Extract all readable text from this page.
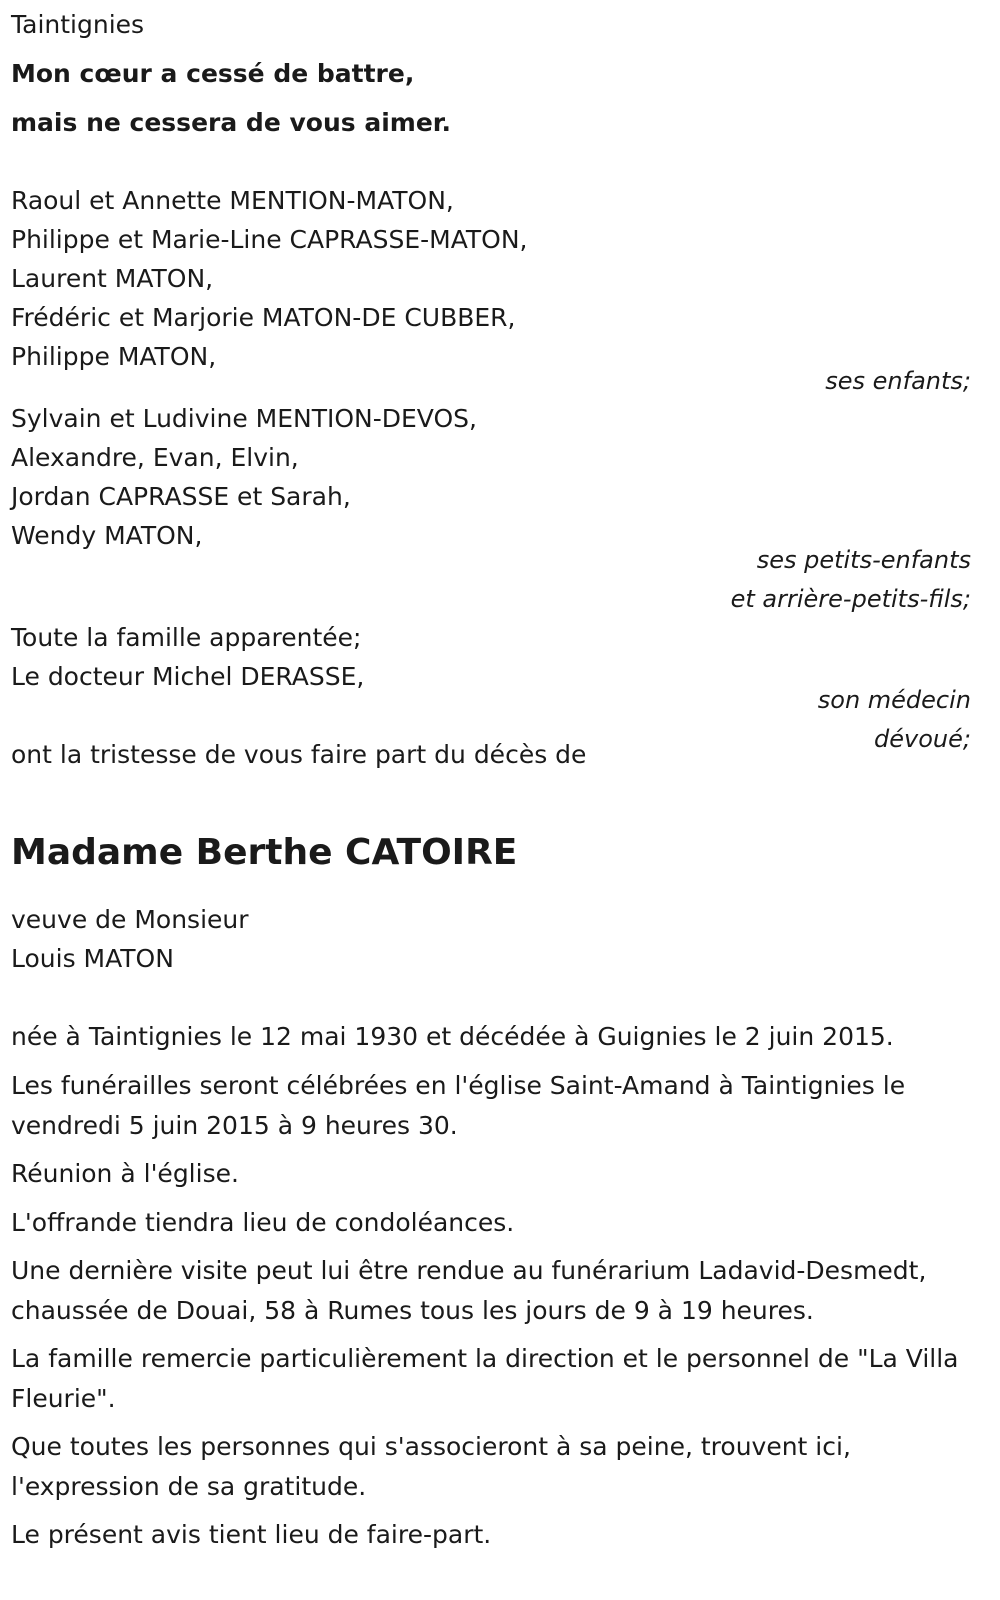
Taintignies
Mon cœur a cessé de battre,
mais ne cessera de vous aimer.
Raoul et Annette MENTION-MATON,
Philippe et Marie-Line CAPRASSE-MATON,
Laurent MATON,
Frédéric et Marjorie MATON-DE CUBBER,
Philippe MATON,
ses enfants;
Sylvain et Ludivine MENTION-DEVOS,
Alexandre, Evan, Elvin,
Jordan CAPRASSE et Sarah,
Wendy MATON,
ses petits-enfants
et arrière-petits-fils;
Toute la famille apparentée;
Le docteur Michel DERASSE,
son médecin
dévoué;
ont la tristesse de vous faire part du décès de
Madame Berthe CATOIRE
veuve de Monsieur
Louis MATON
née à Taintignies le 12 mai 1930 et décédée à Guignies le 2 juin 2015.
Les funérailles seront célébrées en l'église Saint-Amand à Taintignies le vendredi 5 juin 2015 à 9 heures 30.
Réunion à l'église.
L'offrande tiendra lieu de condoléances.
Une dernière visite peut lui être rendue au funérarium Ladavid-Desmedt, chaussée de Douai, 58 à Rumes tous les jours de 9 à 19 heures.
La famille remercie particulièrement la direction et le personnel de "La Villa Fleurie".
Que toutes les personnes qui s'associeront à sa peine, trouvent ici, l'expression de sa gratitude.
Le présent avis tient lieu de faire-part.
